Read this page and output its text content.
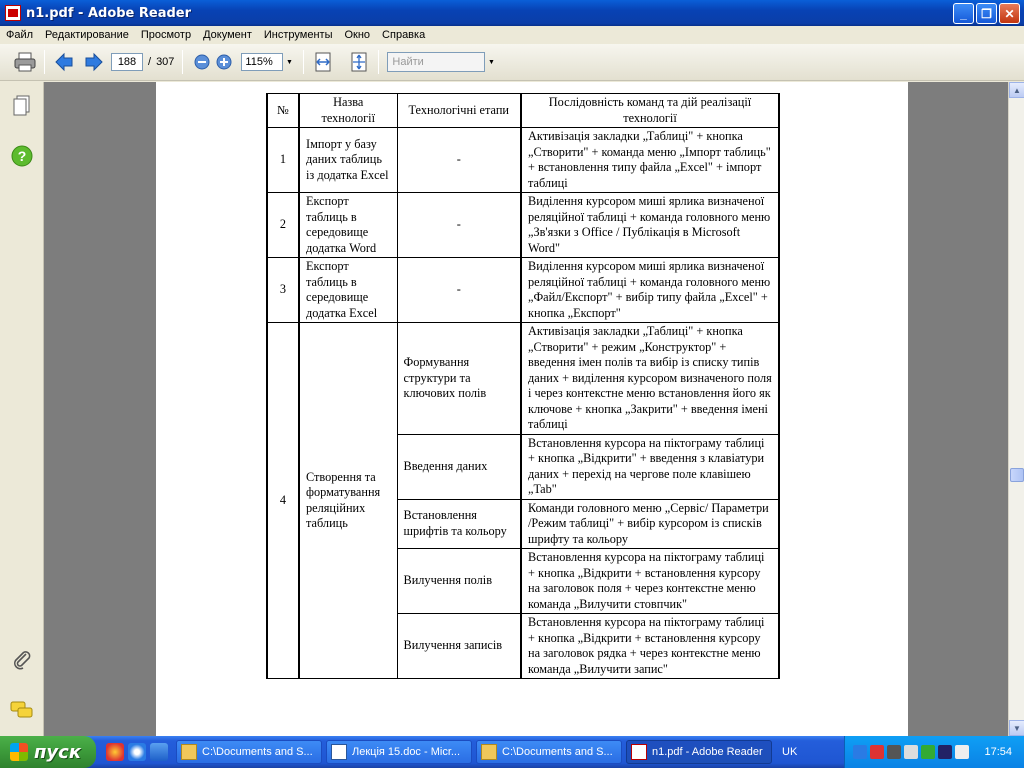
n1.pdf - Adobe Reader	_	❐	✕
Файл	Редактирование	Просмотр	Документ	Инструменты	Окно	Справка
188	/ 307	115%	▼	Найти	▼
?
№	Назва технології	Технологічні етапи	Послідовність команд та дій реалізації технології
1	Імпорт у базу даних таблиць із додатка Excel	-	Активізація закладки „Таблиці" + кнопка „Створити" + команда меню „Імпорт таблиць" + встановлення типу файла „Excel" + імпорт таблиці
2	Експорт таблиць в середовище додатка Word	-	Виділення курсором миші ярлика визначеної реляційної таблиці + команда головного меню „Зв'язки з Office / Публікація в Microsoft Word"
3	Експорт таблиць в середовище додатка Excel	-	Виділення курсором миші ярлика визначеної реляційної таблиці + команда головного меню „Файл/Експорт" + вибір типу файла „Excel" + кнопка „Експорт"
4	Створення та форматування реляційних таблиць	Формування структури та ключових полів	Активізація закладки „Таблиці" + кнопка „Створити" + режим „Конструктор" + введення імен полів та вибір із списку типів даних + виділення курсором визначеного поля і через контекстне меню встановлення його як ключове + кнопка „Закрити" + введення імені таблиці
		Введення даних	Встановлення курсора на піктограму таблиці + кнопка „Відкрити" + введення з клавіатури даних + перехід на чергове поле клавішею „Tab"
		Встановлення шрифтів та кольору	Команди головного меню „Сервіс/ Параметри /Режим таблиці" + вибір курсором із списків шрифту та кольору
		Вилучення полів	Встановлення курсора на піктограму таблиці + кнопка „Відкрити + встановлення курсору на заголовок поля + через контекстне меню команда „Вилучити стовпчик"
		Вилучення записів	Встановлення курсора на піктограму таблиці + кнопка „Відкрити + встановлення курсору на заголовок рядка + через контекстне меню команда „Вилучити запис"
▲
▼
пуск	C:\Documents and S...	Лекція 15.doc - Micr...	C:\Documents and S...	n1.pdf - Adobe Reader UK	17:54
